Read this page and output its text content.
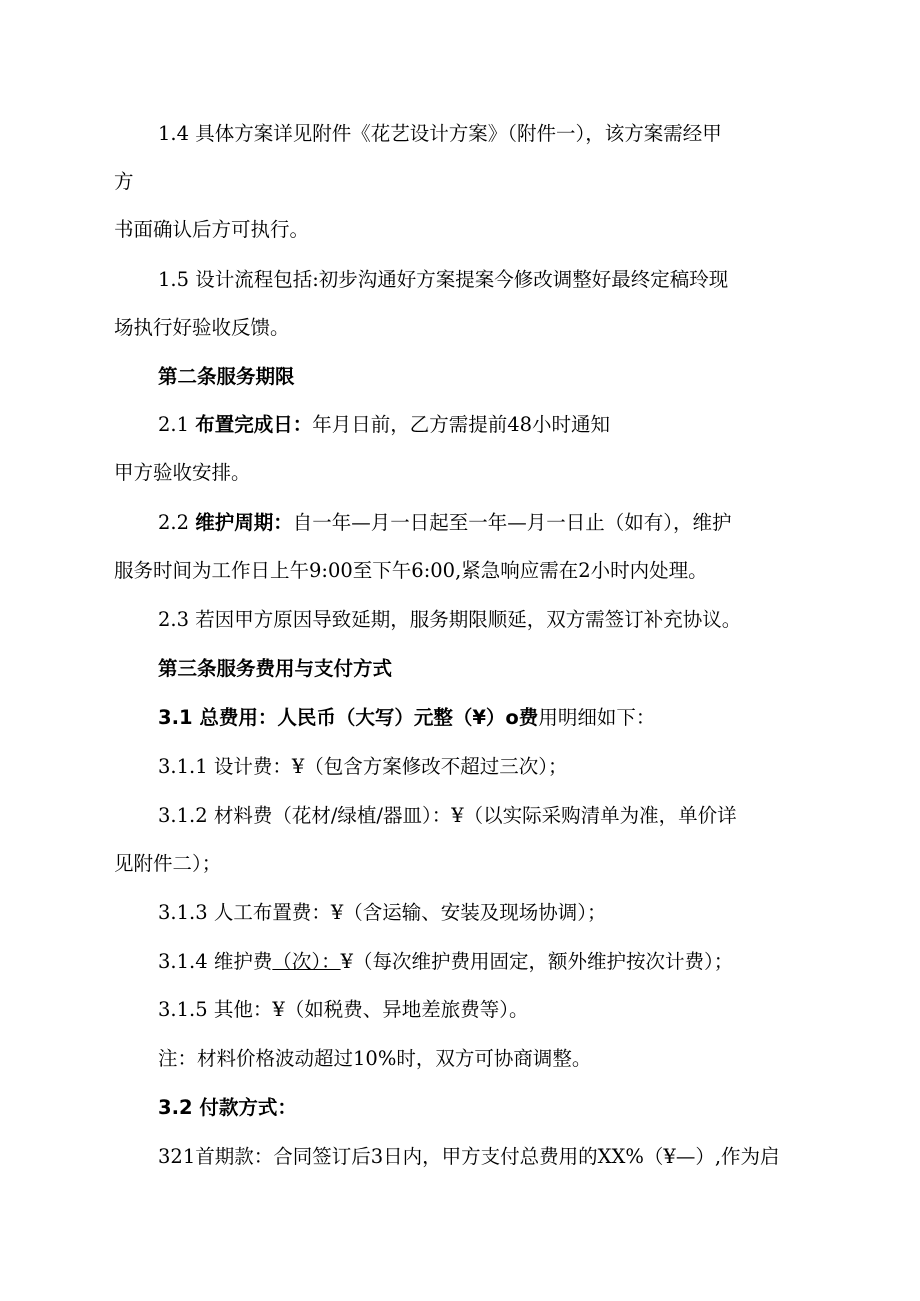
1.4 具体方案详见附件《花艺设计方案》（附件一），该方案需经甲
方
书面确认后方可执行。
1.5 设计流程包括:初步沟通好方案提案今修改调整好最终定稿玲现
场执行好验收反馈。
第二条服务期限
2.1 布置完成日：年月日前，乙方需提前48小时通知
甲方验收安排。
2.2 维护周期：自一年—月一日起至一年—月一日止（如有），维护
服务时间为工作日上午9:00至下午6:00,紧急响应需在2小时内处理。
2.3 若因甲方原因导致延期，服务期限顺延，双方需签订补充协议。
第三条服务费用与支付方式
3.1 总费用：人民币（大写）元整（¥）o费用明细如下：
3.1.1 设计费：¥（包含方案修改不超过三次）；
3.1.2 材料费（花材/绿植/器皿）：¥（以实际采购清单为准，单价详
见附件二）；
3.1.3 人工布置费：¥（含运输、安装及现场协调）；
3.1.4 维护费（次）：¥（每次维护费用固定，额外维护按次计费）；
3.1.5 其他：¥（如税费、异地差旅费等）。
注：材料价格波动超过10%时，双方可协商调整。
3.2 付款方式：
321首期款：合同签订后3日内，甲方支付总费用的XX%（¥—）,作为启
